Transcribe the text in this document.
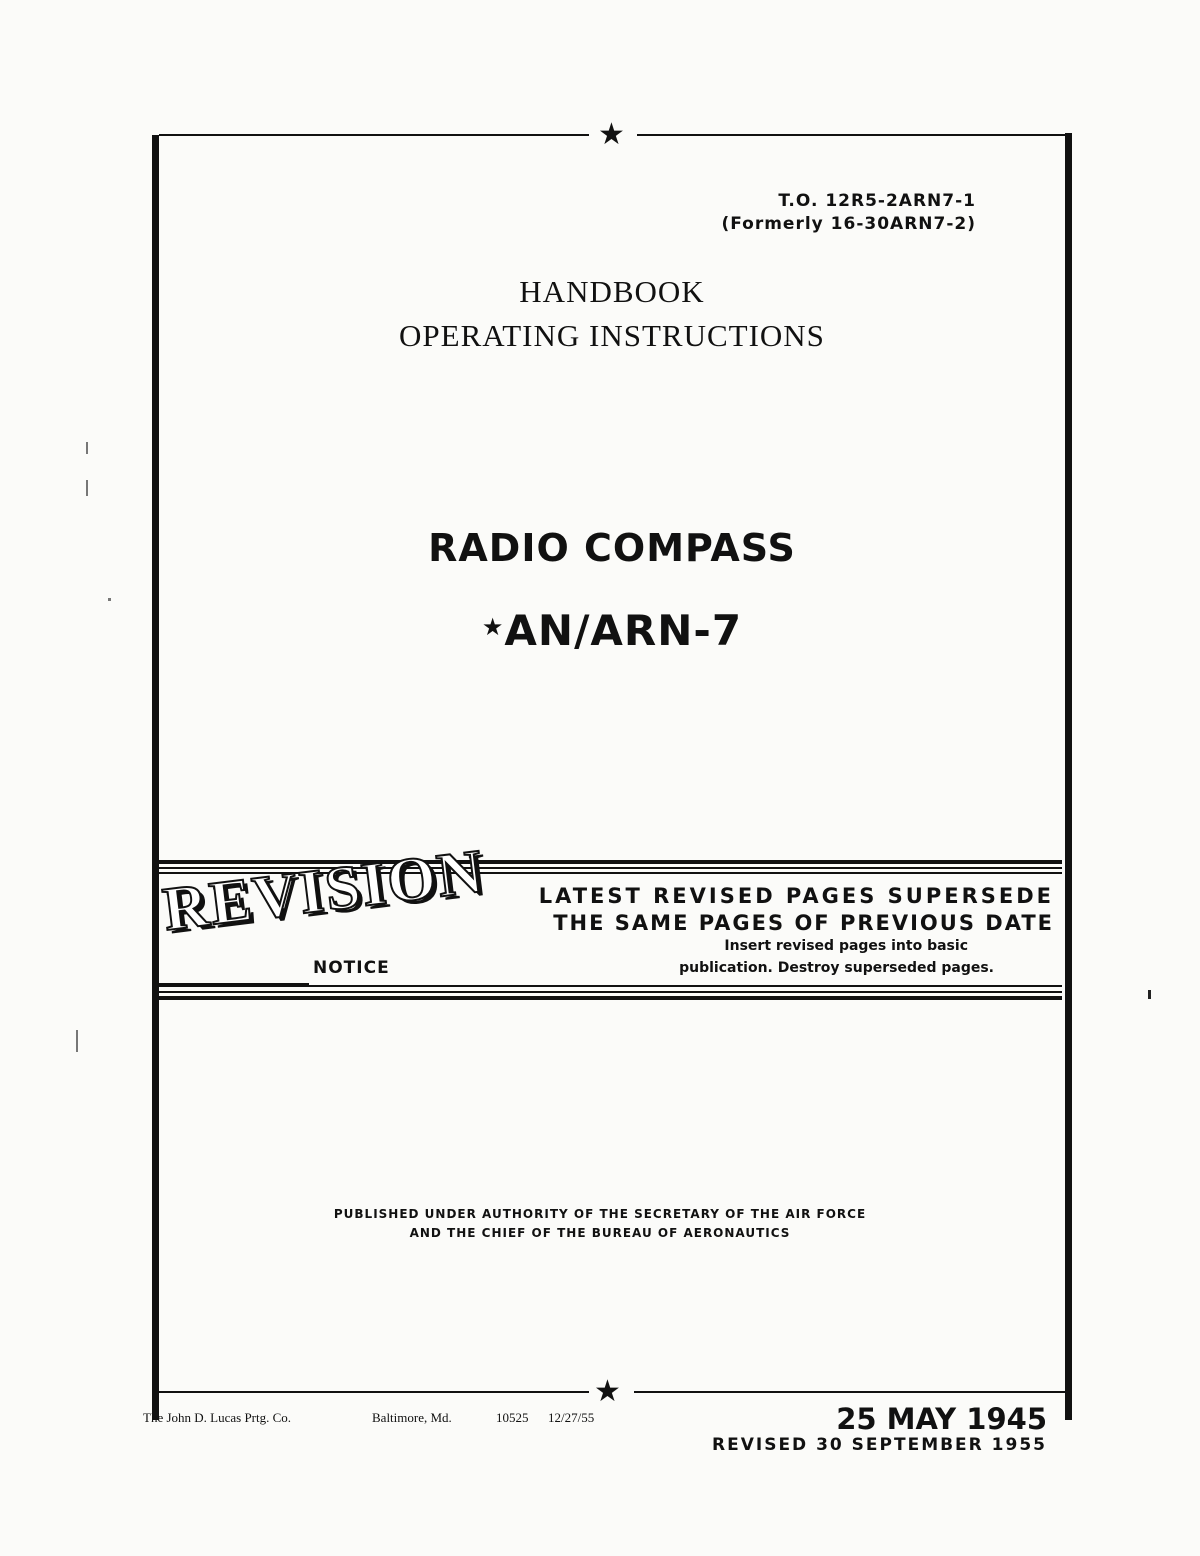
★
T.O. 12R5-2ARN7-1
(Formerly 16-30ARN7-2)
HANDBOOK
OPERATING INSTRUCTIONS
RADIO COMPASS
★AN/ARN-7
REVISION
NOTICE
LATEST REVISED PAGES SUPERSEDE
THE SAME PAGES OF PREVIOUS DATE
Insert revised pages into basic
publication. Destroy superseded pages.
PUBLISHED UNDER AUTHORITY OF THE SECRETARY OF THE AIR FORCE
AND THE CHIEF OF THE BUREAU OF AERONAUTICS
★
The John D. Lucas Prtg. Co.	Baltimore, Md.	10525 12/27/55	25 MAY 1945
REVISED 30 SEPTEMBER 1955
